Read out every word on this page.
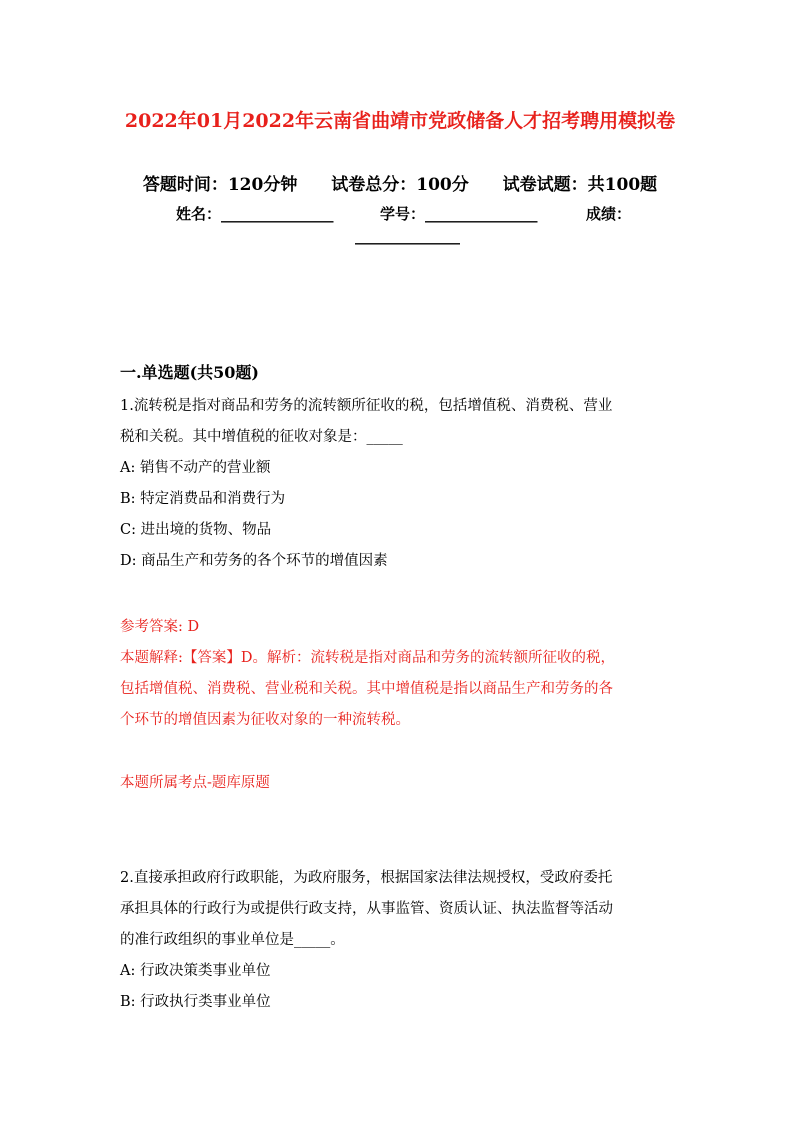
2022年01月2022年云南省曲靖市党政储备人才招考聘用模拟卷
答题时间：120分钟 试卷总分：100分 试卷试题：共100题
姓名：_______________	学号：_______________	成绩：
______________
一.单选题(共50题)
1.流转税是指对商品和劳务的流转额所征收的税，包括增值税、消费税、营业
税和关税。其中增值税的征收对象是：_____
A: 销售不动产的营业额
B: 特定消费品和消费行为
C: 进出境的货物、物品
D: 商品生产和劳务的各个环节的增值因素
参考答案: D
本题解释:【答案】D。解析：流转税是指对商品和劳务的流转额所征收的税，
包括增值税、消费税、营业税和关税。其中增值税是指以商品生产和劳务的各
个环节的增值因素为征收对象的一种流转税。
本题所属考点-题库原题
2.直接承担政府行政职能，为政府服务，根据国家法律法规授权，受政府委托
承担具体的行政行为或提供行政支持，从事监管、资质认证、执法监督等活动
的准行政组织的事业单位是_____。
A: 行政决策类事业单位
B: 行政执行类事业单位
